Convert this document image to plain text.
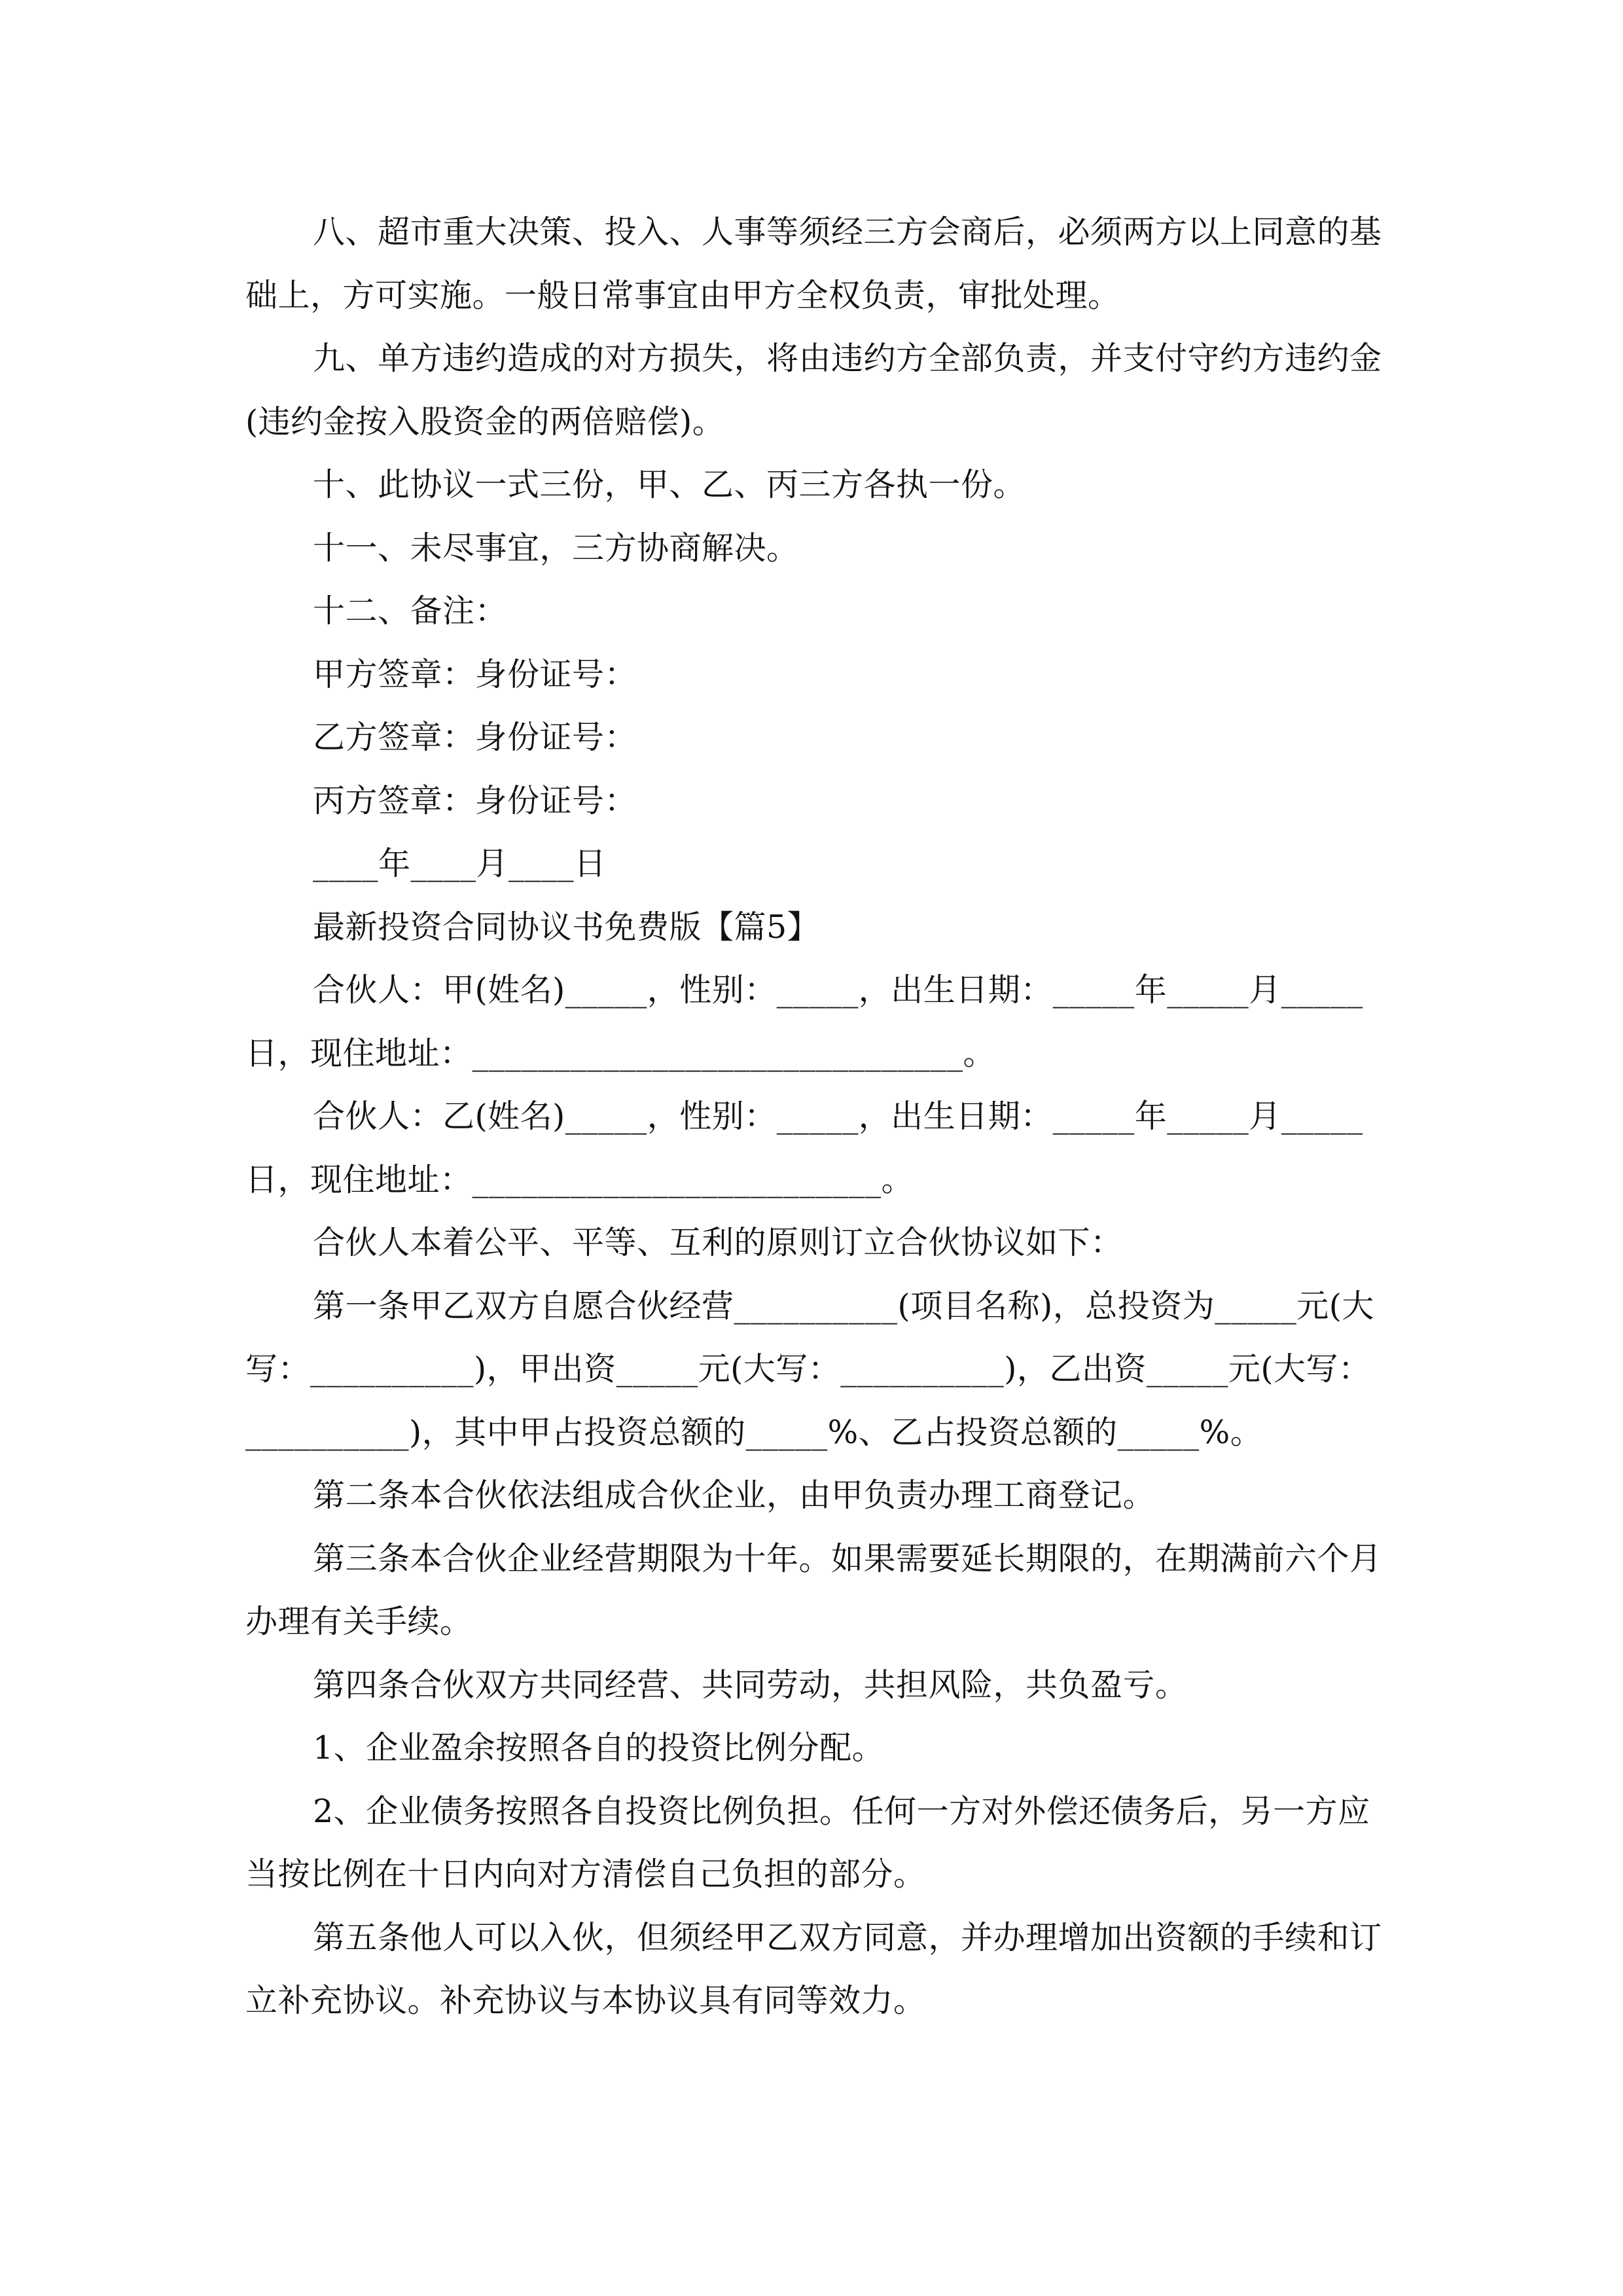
八、超市重大决策、投入、人事等须经三方会商后，必须两方以上同意的基
础上，方可实施。一般日常事宜由甲方全权负责，审批处理。
九、单方违约造成的对方损失，将由违约方全部负责，并支付守约方违约金
(违约金按入股资金的两倍赔偿)。
十、此协议一式三份，甲、乙、丙三方各执一份。
十一、未尽事宜，三方协商解决。
十二、备注：
甲方签章：身份证号：
乙方签章：身份证号：
丙方签章：身份证号：
____年____月____日
最新投资合同协议书免费版【篇5】
合伙人：甲(姓名)_____，性别：_____，出生日期：_____年_____月_____
日，现住地址：______________________________。
合伙人：乙(姓名)_____，性别：_____，出生日期：_____年_____月_____
日，现住地址：_________________________。
合伙人本着公平、平等、互利的原则订立合伙协议如下：
第一条甲乙双方自愿合伙经营__________(项目名称)，总投资为_____元(大
写：__________)，甲出资_____元(大写：__________)，乙出资_____元(大写：
__________)，其中甲占投资总额的_____%、乙占投资总额的_____%。
第二条本合伙依法组成合伙企业，由甲负责办理工商登记。
第三条本合伙企业经营期限为十年。如果需要延长期限的，在期满前六个月
办理有关手续。
第四条合伙双方共同经营、共同劳动，共担风险，共负盈亏。
1、企业盈余按照各自的投资比例分配。
2、企业债务按照各自投资比例负担。任何一方对外偿还债务后，另一方应
当按比例在十日内向对方清偿自己负担的部分。
第五条他人可以入伙，但须经甲乙双方同意，并办理增加出资额的手续和订
立补充协议。补充协议与本协议具有同等效力。
